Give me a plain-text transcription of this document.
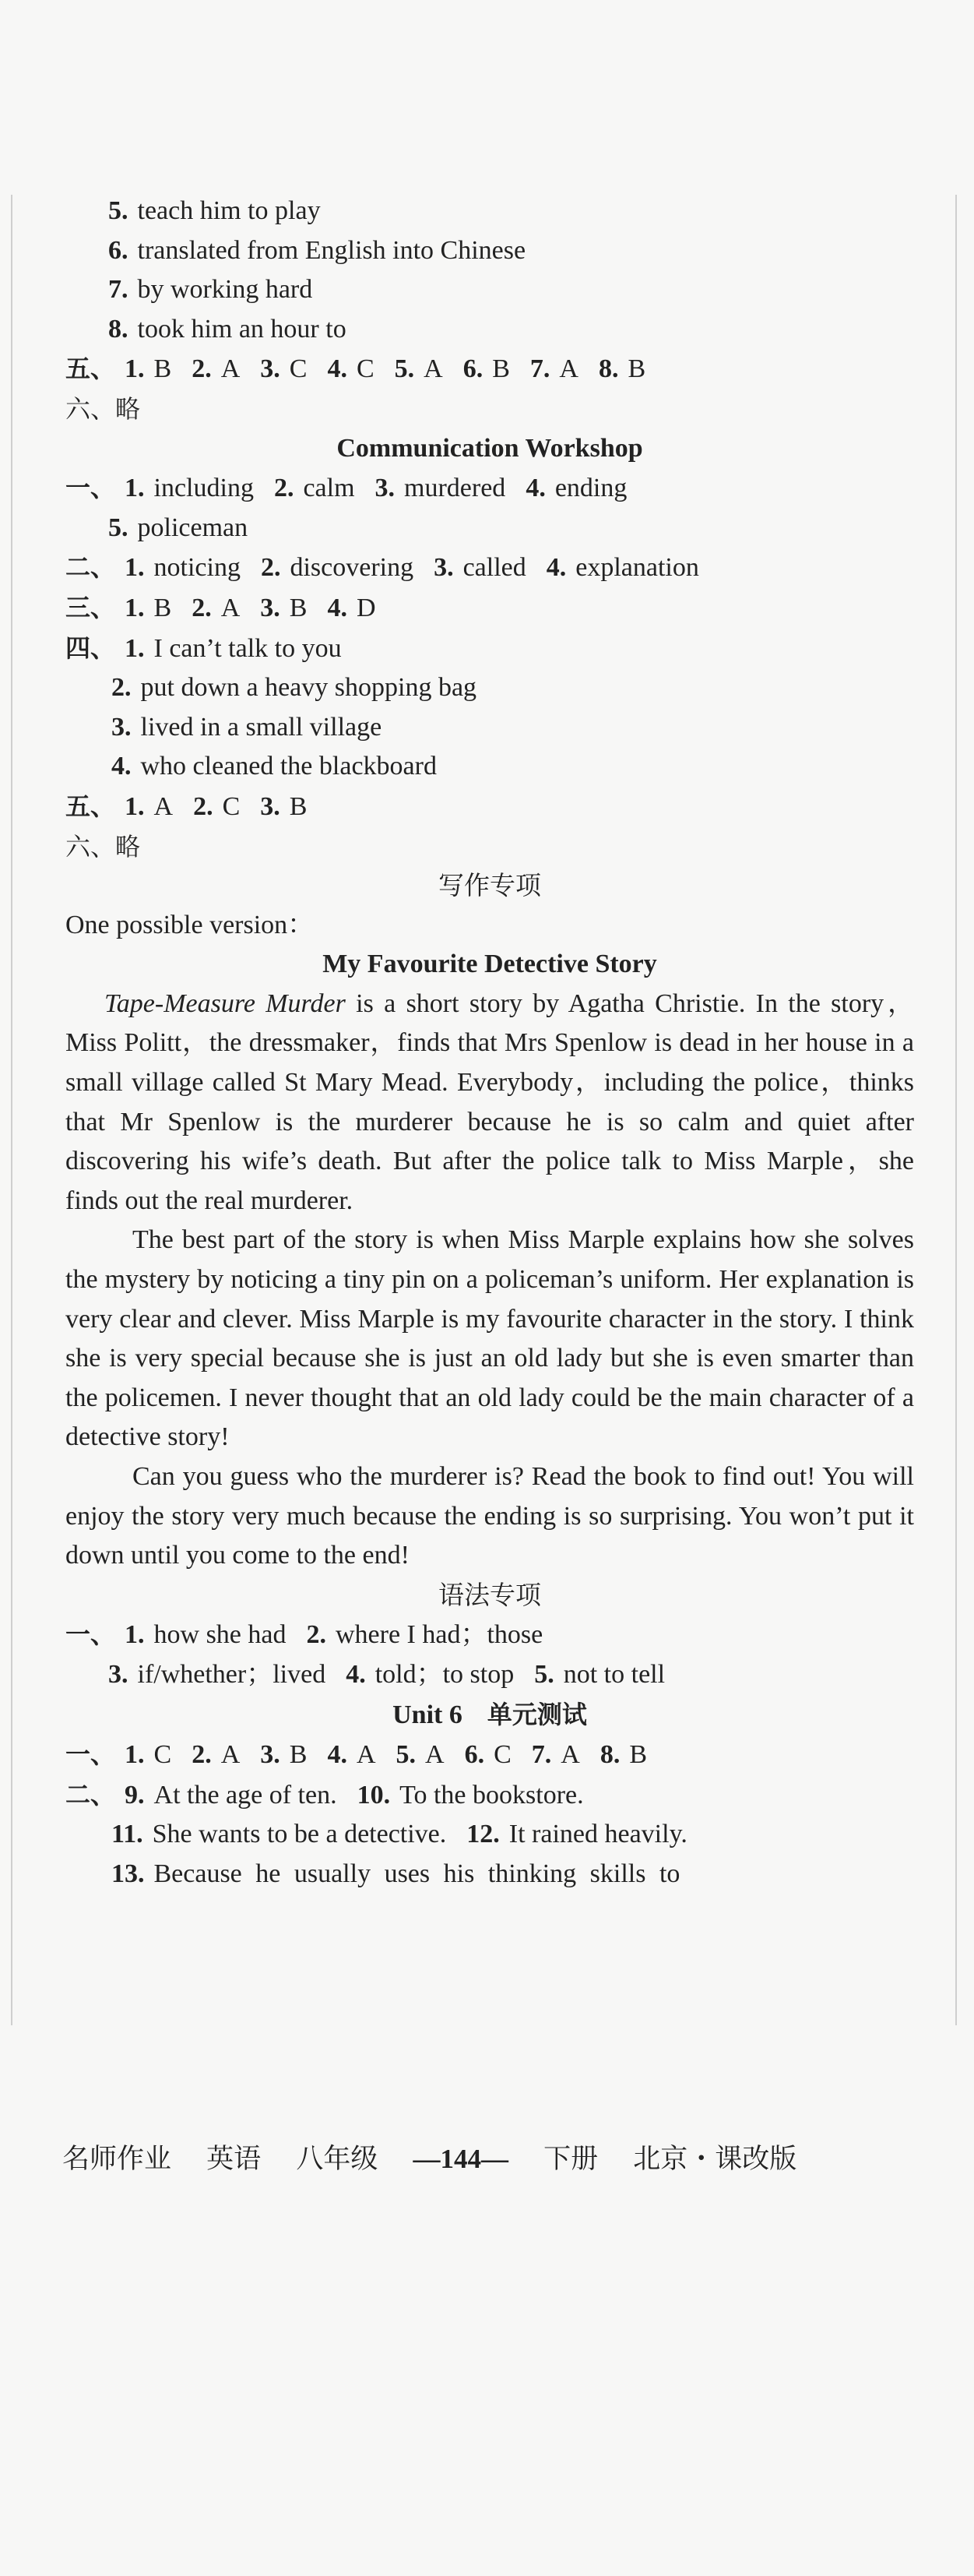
5. teach him to play
6. translated from English into Chinese
7. by working hard
8. took him an hour to
五、 1. B 2. A 3. C 4. C 5. A 6. B 7. A 8. B
六、略
Communication Workshop
一、 1. including 2. calm 3. murdered 4. ending
5. policeman
二、 1. noticing 2. discovering 3. called 4. explanation
三、 1. B 2. A 3. B 4. D
四、 1. I can’t talk to you
2. put down a heavy shopping bag
3. lived in a small village
4. who cleaned the blackboard
五、 1. A 2. C 3. B
六、略
写作专项
One possible version：
My Favourite Detective Story
Tape-Measure Murder is a short story by Agatha Christie. In the story，Miss Politt，the dressmaker，finds that Mrs Spenlow is dead in her house in a small village called St Mary Mead. Everybody，including the police，thinks that Mr Spenlow is the murderer because he is so calm and quiet after discovering his wife’s death. But after the police talk to Miss Marple，she finds out the real murderer.
The best part of the story is when Miss Marple explains how she solves the mystery by noticing a tiny pin on a policeman’s uniform. Her explanation is very clear and clever. Miss Marple is my favourite character in the story. I think she is very special because she is just an old lady but she is even smarter than the policemen. I never thought that an old lady could be the main character of a detective story!
Can you guess who the murderer is? Read the book to find out! You will enjoy the story very much because the ending is so surprising. You won’t put it down until you come to the end!
语法专项
一、 1. how she had 2. where I had；those
3. if/whether；lived 4. told；to stop 5. not to tell
Unit 6 单元测试
一、 1. C 2. A 3. B 4. A 5. A 6. C 7. A 8. B
二、 9. At the age of ten. 10. To the bookstore.
11. She wants to be a detective. 12. It rained heavily.
13. Because he usually uses his thinking skills to
名师作业 英语 八年级 —144— 下册 北京・课改版
